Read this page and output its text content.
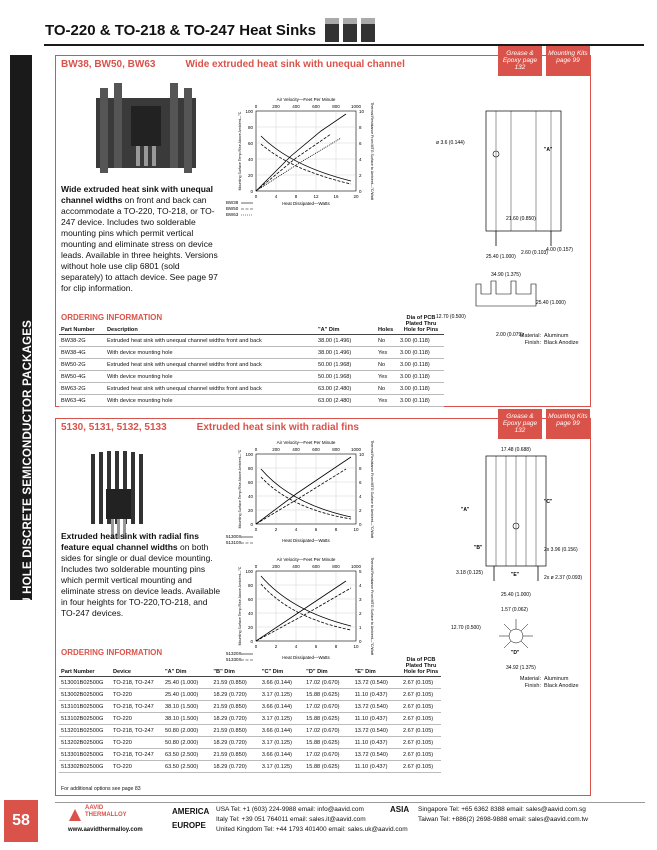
THRU HOLE DISCRETE SEMICONDUCTOR PACKAGES
58
TO-220 & TO-218 & TO-247 Heat Sinks
BW38, BW50, BW63	Wide extruded heat sink with unequal channel
Grease & Epoxy page 132
Mounting Kits page 99
Wide extruded heat sink with unequal channel widths on front and back can accommodate a TO-220, TO-218, or TO-247 device. Includes two solderable mounting pins which permit vertical mounting and eliminate stress on device leads. Available in three heights. Versions without hole use clip 6801 (sold separately) to attach device. See page 97 for clip information.
Air Velocity—Feet Per Minute
0	200	400	600	800 1000
100
80
60
40
20
0
10
8
6
4
2
0
Mounting Surface Temp Rise Above Ambient—°C	Thermal Resistance From MTG Surface to Ambient—°C/Watt
0	4	8	12	16	20
Heat Dissipated—Watts
BW38
BW50
BW63
ø 3.6 (0.144)
"A"
21.60 (0.850)
25.40 (1.000)
2.60 (0.103)
4.00 (0.157)
34.90 (1.375)
25.40 (1.000)
12.70 (0.500)
2.00 (0.079)
Material:
Finish:
Aluminum
Black Anodize
ORDERING INFORMATION
Part Number	Description	"A" Dim	Holes	Dia of PCB Plated Thru Hole for Pins
BW38-2G	Extruded heat sink with unequal channel widths front and back	38.00 (1.496)	No	3.00 (0.118)
BW38-4G	With device mounting hole	38.00 (1.496)	Yes	3.00 (0.118)
BW50-2G	Extruded heat sink with unequal channel widths front and back	50.00 (1.968)	No	3.00 (0.118)
BW50-4G	With device mounting hole	50.00 (1.968)	Yes	3.00 (0.118)
BW63-2G	Extruded heat sink with unequal channel widths front and back	63.00 (2.480)	No	3.00 (0.118)
BW63-4G	With device mounting hole	63.00 (2.480)	Yes	3.00 (0.118)
5130, 5131, 5132, 5133	Extruded heat sink with radial fins
Grease & Epoxy page 132
Mounting Kits page 99
Extruded heat sink with radial fins feature equal channel widths on both sides for single or dual device mounting. Includes two solderable mounting pins which permit vertical mounting and eliminate stress on device leads. Available in four heights for TO-220,TO-218, and TO-247 devices.
Air Velocity—Feet Per Minute
0	200	400	600	800 1000
100
80
60
40
20
0
10
8
6
4
2
0
Mounting Surface Temp Rise Above Ambient—°C	Thermal Resistance From MTG Surface to Ambient—°C/Watt
0	2	4	6	8	10
Heat Dissipated—Watts
51300X
51310X
Air Velocity—Feet Per Minute
0	200	400	600	800 1000
100
80
60
40
20
0
5
4
3
2
1
0
Mounting Surface Temp Rise Above Ambient—°C	Thermal Resistance From MTG Surface to Ambient—°C/Watt
0	2	4	6	8	10
Heat Dissipated—Watts
51320X
51330X
17.48 (0.688)
"A"
"C"
"B"
"E"
2x 3.96 (0.156)
2x ø 2.37 (0.093)
3.18 (0.125)
25.40 (1.000)
1.57 (0.062)
12.70 (0.500)
"D"
34.92 (1.375)
Material:
Finish:
Aluminum
Black Anodize
ORDERING INFORMATION
Part Number	Device	"A" Dim	"B" Dim	"C" Dim	"D" Dim	"E" Dim	Dia of PCB Plated Thru Hole for Pins
513001B02500G	TO-218, TO-247	25.40 (1.000)	21.59 (0.850)	3.66 (0.144)	17.02 (0.670)	13.72 (0.540)	2.67 (0.105)
513002B02500G	TO-220	25.40 (1.000)	18.29 (0.720)	3.17 (0.125)	15.88 (0.625)	11.10 (0.437)	2.67 (0.105)
513101B02500G	TO-218, TO-247	38.10 (1.500)	21.59 (0.850)	3.66 (0.144)	17.02 (0.670)	13.72 (0.540)	2.67 (0.105)
513102B02500G	TO-220	38.10 (1.500)	18.29 (0.720)	3.17 (0.125)	15.88 (0.625)	11.10 (0.437)	2.67 (0.105)
513201B02500G	TO-218, TO-247	50.80 (2.000)	21.59 (0.850)	3.66 (0.144)	17.02 (0.670)	13.72 (0.540)	2.67 (0.105)
513202B02500G	TO-220	50.80 (2.000)	18.29 (0.720)	3.17 (0.125)	15.88 (0.625)	11.10 (0.437)	2.67 (0.105)
513301B02500G	TO-218, TO-247	63.50 (2.500)	21.59 (0.850)	3.66 (0.144)	17.02 (0.670)	13.72 (0.540)	2.67 (0.105)
513302B02500G	TO-220	63.50 (2.500)	18.29 (0.720)	3.17 (0.125)	15.88 (0.625)	11.10 (0.437)	2.67 (0.105)
For additional options see page 83
AAVID
THERMALLOY
www.aavidthermalloy.com
AMERICA
EUROPE
USA Tel: +1 (603) 224-9988 email: info@aavid.com
Italy Tel: +39 051 764011 email: sales.it@aavid.com
United Kingdom Tel: +44 1793 401400 email: sales.uk@aavid.com
ASIA Singapore Tel: +65 6362 8388 email: sales@aavid.com.sg
Taiwan Tel: +886(2) 2698-9888 email: sales@aavid.com.tw
